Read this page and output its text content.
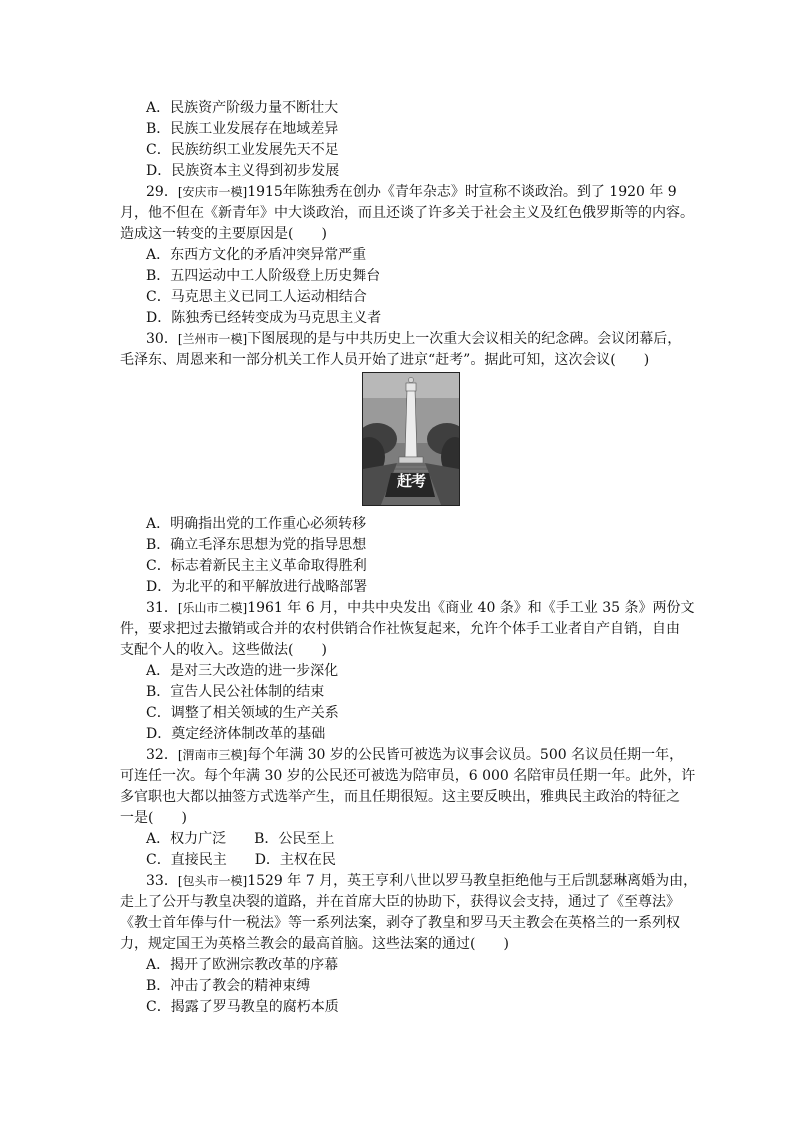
A．民族资产阶级力量不断壮大
B．民族工业发展存在地域差异
C．民族纺织工业发展先天不足
D．民族资本主义得到初步发展
29．[安庆市一模]1915年陈独秀在创办《青年杂志》时宣称不谈政治。到了 1920 年 9
月，他不但在《新青年》中大谈政治，而且还谈了许多关于社会主义及红色俄罗斯等的内容。
造成这一转变的主要原因是(　　)
A．东西方文化的矛盾冲突异常严重
B．五四运动中工人阶级登上历史舞台
C．马克思主义已同工人运动相结合
D．陈独秀已经转变成为马克思主义者
30．[兰州市一模]下图展现的是与中共历史上一次重大会议相关的纪念碑。会议闭幕后，
毛泽东、周恩来和一部分机关工作人员开始了进京“赶考”。据此可知，这次会议(　　)
赶考
A．明确指出党的工作重心必须转移
B．确立毛泽东思想为党的指导思想
C．标志着新民主主义革命取得胜利
D．为北平的和平解放进行战略部署
31．[乐山市二模]1961 年 6 月，中共中央发出《商业 40 条》和《手工业 35 条》两份文
件，要求把过去撤销或合并的农村供销合作社恢复起来，允许个体手工业者自产自销，自由
支配个人的收入。这些做法(　　)
A．是对三大改造的进一步深化
B．宣告人民公社体制的结束
C．调整了相关领域的生产关系
D．奠定经济体制改革的基础
32．[渭南市三模]每个年满 30 岁的公民皆可被选为议事会议员。500 名议员任期一年，
可连任一次。每个年满 30 岁的公民还可被选为陪审员，6 000 名陪审员任期一年。此外，许
多官职也大都以抽签方式选举产生，而且任期很短。这主要反映出，雅典民主政治的特征之
一是(　　)
A．权力广泛　　B．公民至上
C．直接民主　　D．主权在民
33．[包头市一模]1529 年 7 月，英王亨利八世以罗马教皇拒绝他与王后凯瑟琳离婚为由，
走上了公开与教皇决裂的道路，并在首席大臣的协助下，获得议会支持，通过了《至尊法》
《教士首年俸与什一税法》等一系列法案，剥夺了教皇和罗马天主教会在英格兰的一系列权
力，规定国王为英格兰教会的最高首脑。这些法案的通过(　　)
A．揭开了欧洲宗教改革的序幕
B．冲击了教会的精神束缚
C．揭露了罗马教皇的腐朽本质
